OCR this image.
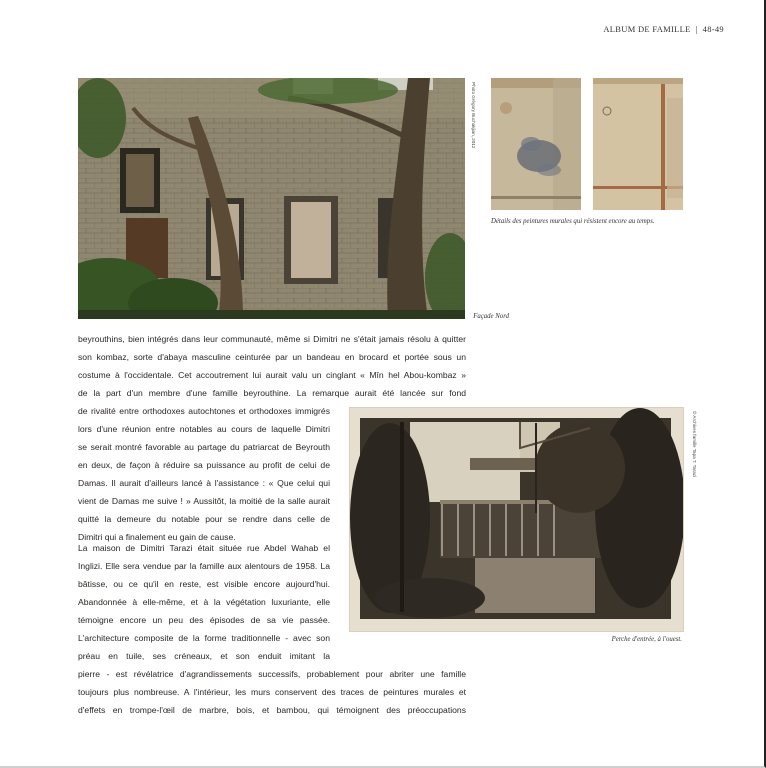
ALBUM DE FAMILLE | 48-49
Photo Grégory Buchakjian, 2012
Façade Nord
Détails des peintures murales qui résistent encore au temps.
© Archives famille Tapa T. Tarazi
Perche d'entrée, à l'ouest.
beyrouthins, bien intégrés dans leur communauté, même si Dimitri ne s'était jamais résolu à quitter
son kombaz, sorte d'abaya masculine ceinturée par un bandeau en brocard et portée sous un
costume à l'occidentale. Cet accoutrement lui aurait valu un cinglant « Mîn hel Abou-kombaz »
de la part d'un membre d'une famille beyrouthine. La remarque aurait été lancée sur fond
de rivalité entre orthodoxes autochtones et orthodoxes immigrés
lors d'une réunion entre notables au cours de laquelle Dimitri
se serait montré favorable au partage du patriarcat de Beyrouth
en deux, de façon à réduire sa puissance au profit de celui de
Damas. Il aurait d'ailleurs lancé à l'assistance : « Que celui qui
vient de Damas me suive ! » Aussitôt, la moitié de la salle aurait
quitté la demeure du notable pour se rendre dans celle de
Dimitri qui a finalement eu gain de cause.
La maison de Dimitri Tarazi était située rue Abdel Wahab el
Inglizi. Elle sera vendue par la famille aux alentours de 1958. La
bâtisse, ou ce qu'il en reste, est visible encore aujourd'hui.
Abandonnée à elle-même, et à la végétation luxuriante, elle
témoigne encore un peu des épisodes de sa vie passée.
L'architecture composite de la forme traditionnelle - avec son
préau en tuile, ses créneaux, et son enduit imitant la
pierre - est révélatrice d'agrandissements successifs, probablement pour abriter une famille
toujours plus nombreuse. A l'intérieur, les murs conservent des traces de peintures murales et
d'effets en trompe-l'œil de marbre, bois, et bambou, qui témoignent des préoccupations
